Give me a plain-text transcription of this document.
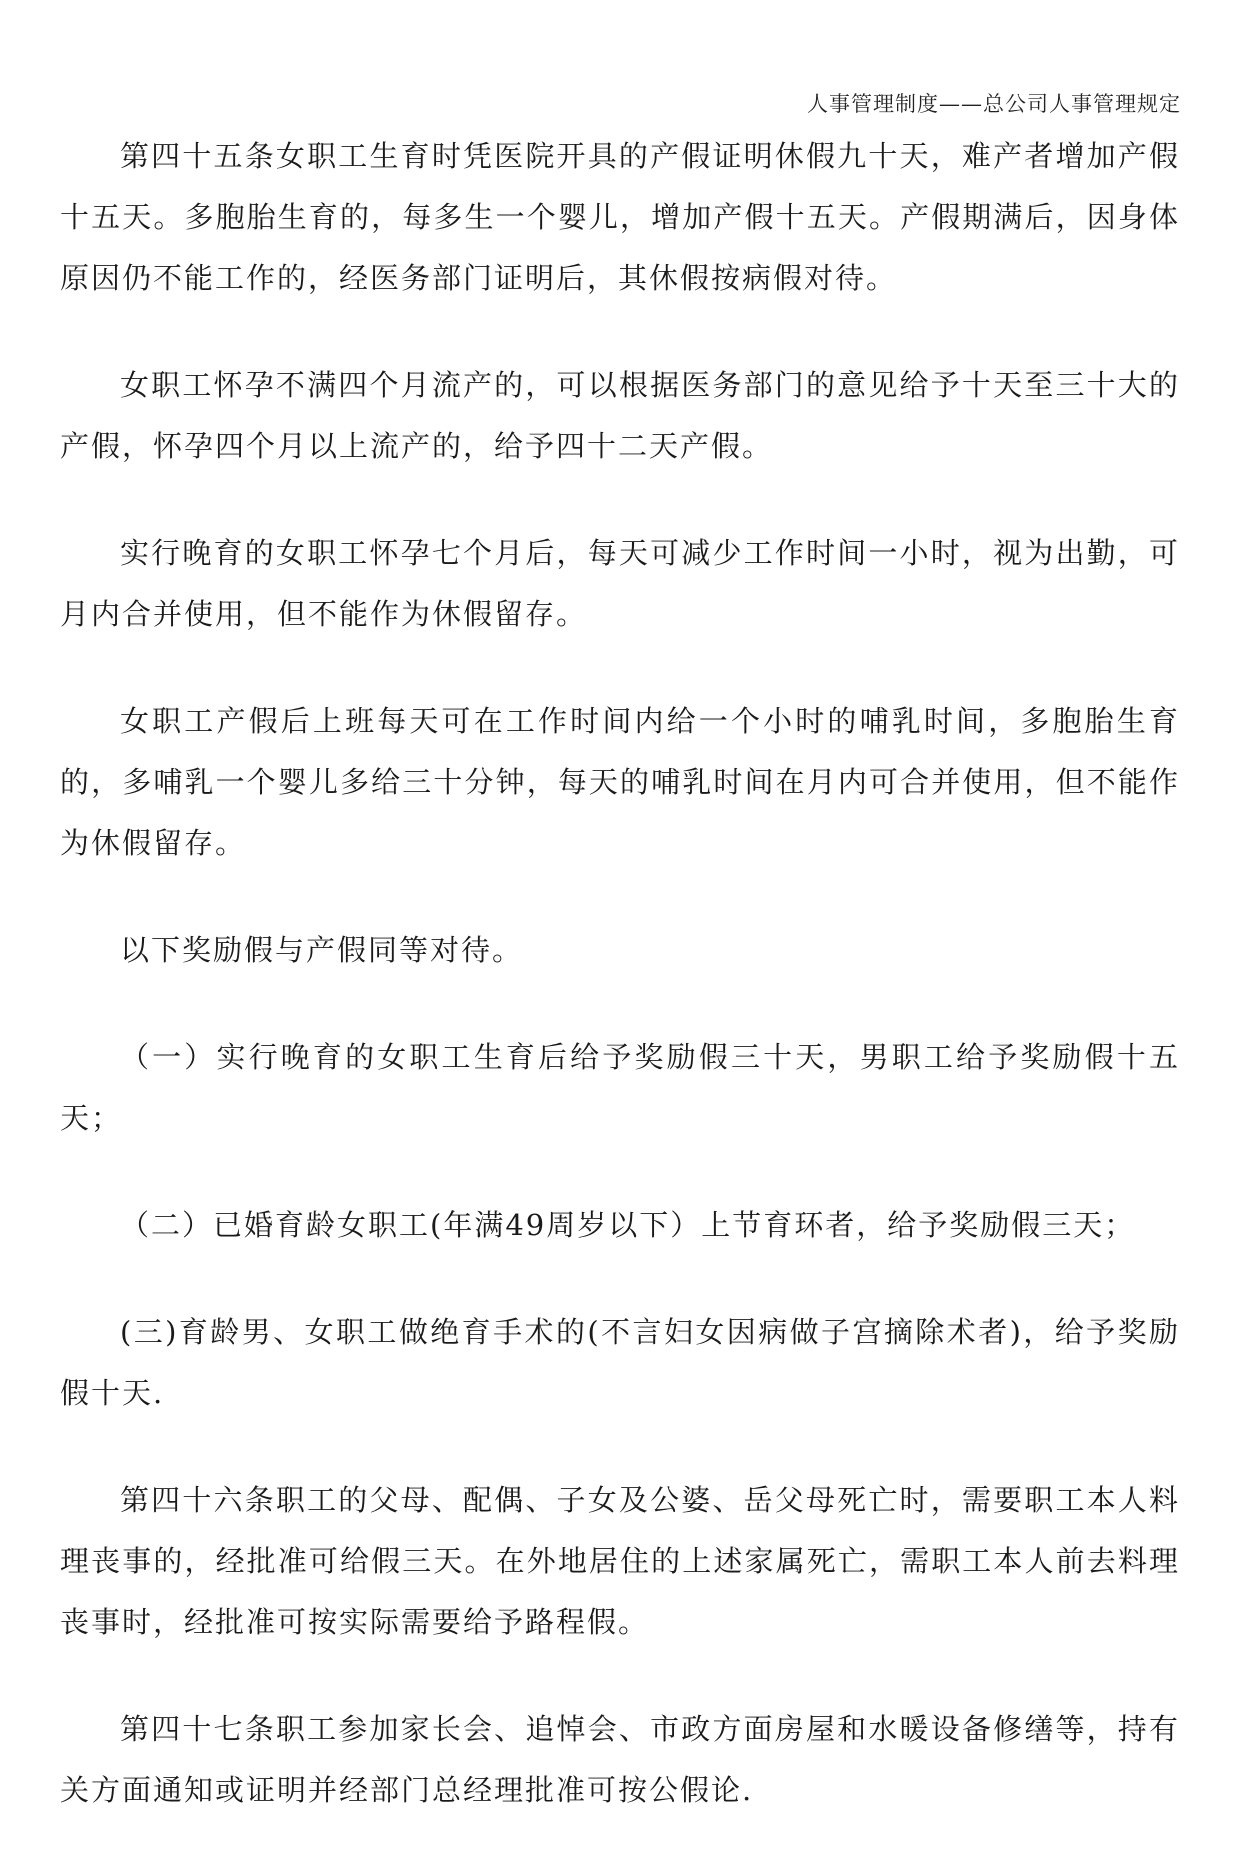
人事管理制度——总公司人事管理规定

第四十五条女职工生育时凭医院开具的产假证明休假九十天，难产者增加产假十五天。多胞胎生育的，每多生一个婴儿，增加产假十五天。产假期满后，因身体原因仍不能工作的，经医务部门证明后，其休假按病假对待。

女职工怀孕不满四个月流产的，可以根据医务部门的意见给予十天至三十大的产假，怀孕四个月以上流产的，给予四十二天产假。

实行晚育的女职工怀孕七个月后，每天可减少工作时间一小时，视为出勤，可月内合并使用，但不能作为休假留存。

女职工产假后上班每天可在工作时间内给一个小时的哺乳时间，多胞胎生育的，多哺乳一个婴儿多给三十分钟，每天的哺乳时间在月内可合并使用，但不能作为休假留存。

以下奖励假与产假同等对待。

（一）实行晚育的女职工生育后给予奖励假三十天，男职工给予奖励假十五天；

（二）已婚育龄女职工(年满49周岁以下）上节育环者，给予奖励假三天；

(三)育龄男、女职工做绝育手术的(不言妇女因病做子宫摘除术者)，给予奖励假十天.

第四十六条职工的父母、配偶、子女及公婆、岳父母死亡时，需要职工本人料理丧事的，经批准可给假三天。在外地居住的上述家属死亡，需职工本人前去料理丧事时，经批准可按实际需要给予路程假。

第四十七条职工参加家长会、追悼会、市政方面房屋和水暖设备修缮等，持有关方面通知或证明并经部门总经理批准可按公假论.
